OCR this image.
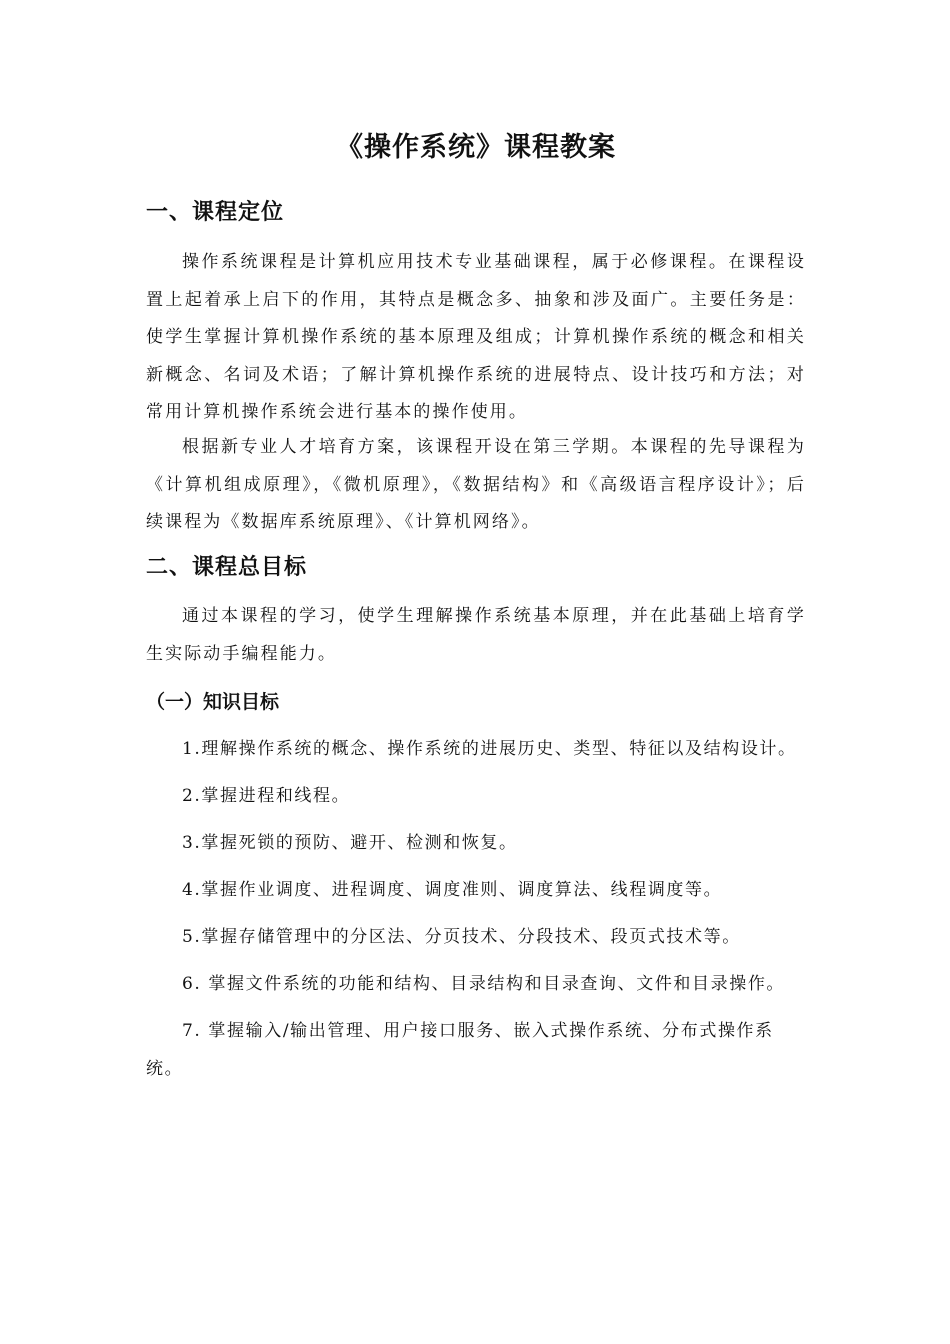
《操作系统》课程教案
一、课程定位

操作系统课程是计算机应用技术专业基础课程，属于必修课程。在课程设置上起着承上启下的作用，其特点是概念多、抽象和涉及面广。主要任务是：使学生掌握计算机操作系统的基本原理及组成；计算机操作系统的概念和相关新概念、名词及术语；了解计算机操作系统的进展特点、设计技巧和方法；对常用计算机操作系统会进行基本的操作使用。

根据新专业人才培育方案，该课程开设在第三学期。本课程的先导课程为《计算机组成原理》，《微机原理》，《数据结构》和《高级语言程序设计》；后续课程为《数据库系统原理》、《计算机网络》。

二、课程总目标

通过本课程的学习，使学生理解操作系统基本原理，并在此基础上培育学生实际动手编程能力。

（一）知识目标

1.理解操作系统的概念、操作系统的进展历史、类型、特征以及结构设计。

2.掌握进程和线程。

3.掌握死锁的预防、避开、检测和恢复。

4.掌握作业调度、进程调度、调度准则、调度算法、线程调度等。

5.掌握存储管理中的分区法、分页技术、分段技术、段页式技术等。

6. 掌握文件系统的功能和结构、目录结构和目录查询、文件和目录操作。

7. 掌握输入/输出管理、用户接口服务、嵌入式操作系统、分布式操作系统。
